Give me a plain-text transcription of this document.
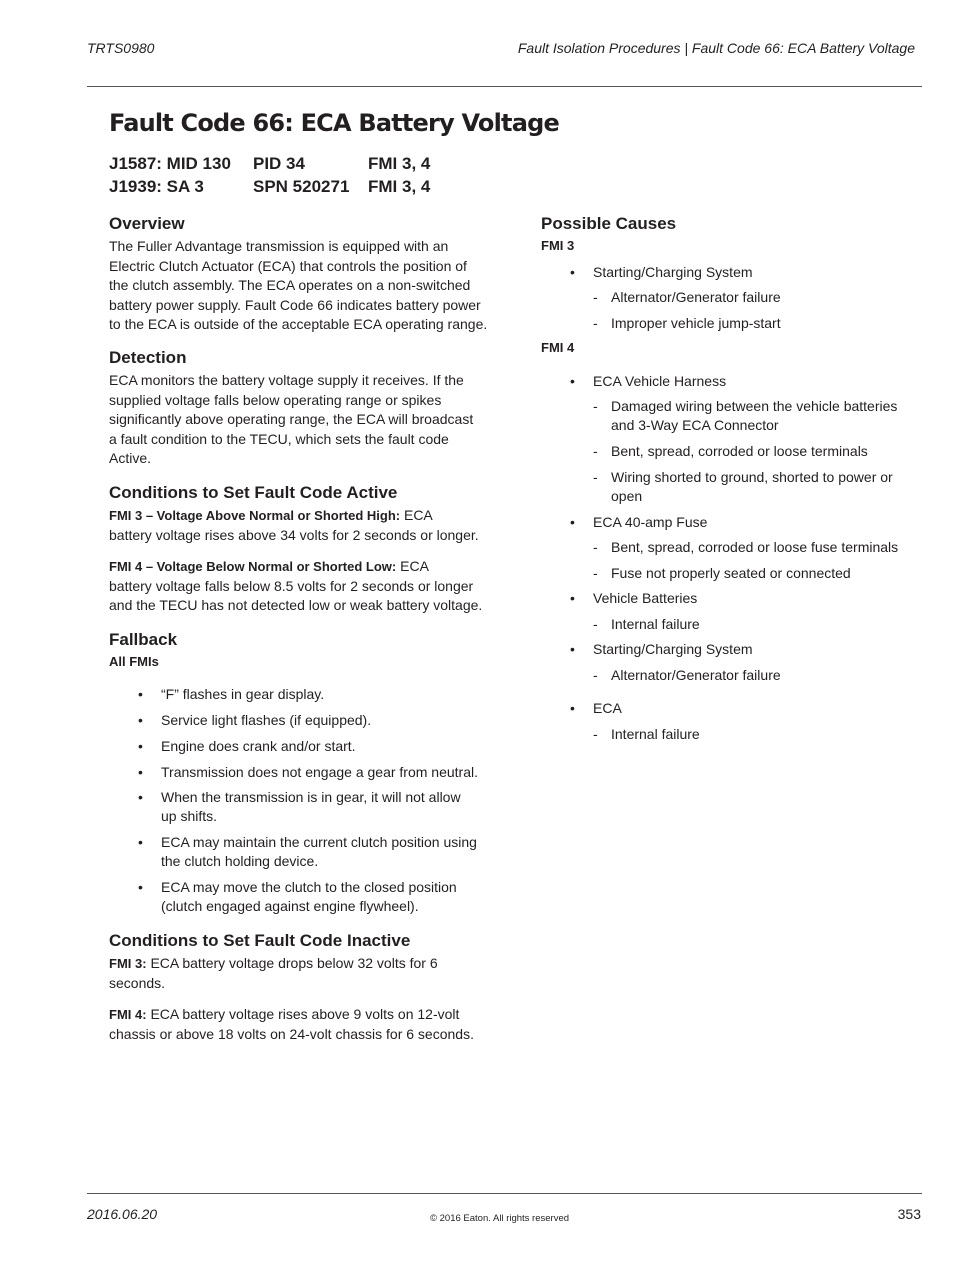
TRTS0980	Fault Isolation Procedures | Fault Code 66: ECA Battery Voltage
Fault Code 66: ECA Battery Voltage
J1587: MID 130 PID 34	FMI 3, 4
J1939: SA 3	SPN 520271 FMI 3, 4
Overview
The Fuller Advantage transmission is equipped with an
Electric Clutch Actuator (ECA) that controls the position of
the clutch assembly. The ECA operates on a non-switched
battery power supply. Fault Code 66 indicates battery power
to the ECA is outside of the acceptable ECA operating range.
Detection
ECA monitors the battery voltage supply it receives. If the
supplied voltage falls below operating range or spikes
significantly above operating range, the ECA will broadcast
a fault condition to the TECU, which sets the fault code
Active.
Conditions to Set Fault Code Active
FMI 3 – Voltage Above Normal or Shorted High: ECA
battery voltage rises above 34 volts for 2 seconds or longer.
FMI 4 – Voltage Below Normal or Shorted Low: ECA
battery voltage falls below 8.5 volts for 2 seconds or longer
and the TECU has not detected low or weak battery voltage.
Fallback
All FMIs
• “F” flashes in gear display.
• Service light flashes (if equipped).
• Engine does crank and/or start.
• Transmission does not engage a gear from neutral.
• When the transmission is in gear, it will not allow
up shifts.
• ECA may maintain the current clutch position using
the clutch holding device.
• ECA may move the clutch to the closed position
(clutch engaged against engine flywheel).
Conditions to Set Fault Code Inactive
FMI 3: ECA battery voltage drops below 32 volts for 6
seconds.
FMI 4: ECA battery voltage rises above 9 volts on 12-volt
chassis or above 18 volts on 24-volt chassis for 6 seconds.
Possible Causes
FMI 3
• Starting/Charging System
- Alternator/Generator failure
- Improper vehicle jump-start
FMI 4
• ECA Vehicle Harness
- Damaged wiring between the vehicle batteries
and 3-Way ECA Connector
- Bent, spread, corroded or loose terminals
- Wiring shorted to ground, shorted to power or
open
• ECA 40-amp Fuse
- Bent, spread, corroded or loose fuse terminals
- Fuse not properly seated or connected
• Vehicle Batteries
- Internal failure
• Starting/Charging System
- Alternator/Generator failure
• ECA
- Internal failure
2016.06.20	© 2016 Eaton. All rights reserved	353
